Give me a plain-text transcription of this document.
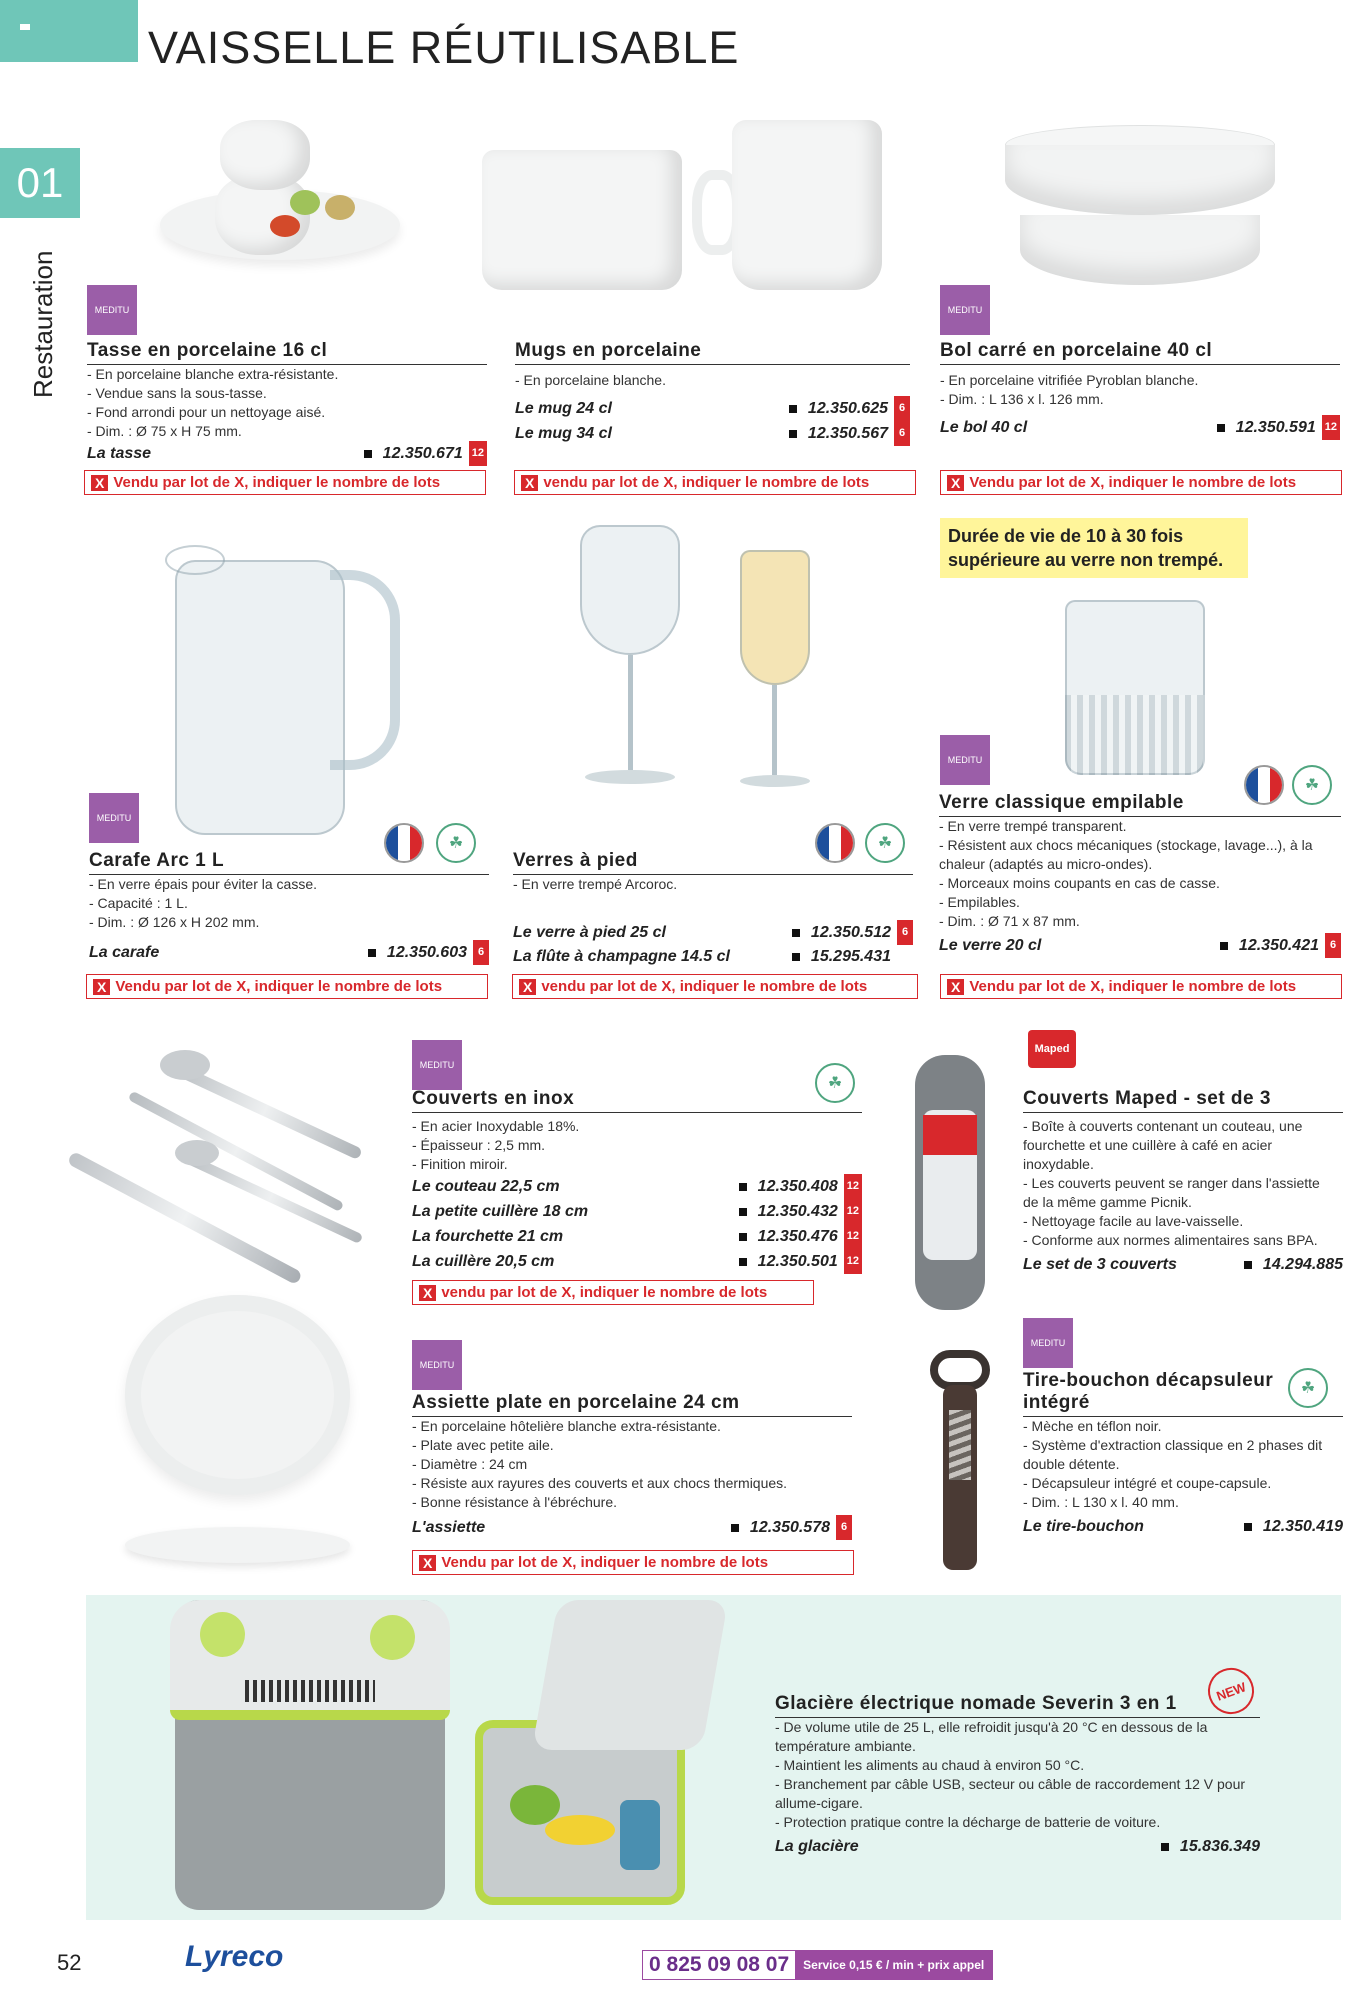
VAISSELLE RÉUTILISABLE
01
Restauration	MEDITU
Tasse en porcelaine 16 cl
- En porcelaine blanche extra-résistante.
- Vendue sans la sous-tasse.
- Fond arrondi pour un nettoyage aisé.
- Dim. : Ø 75 x H 75 mm.
La tasse	12.350.671 12
X Vendu par lot de X, indiquer le nombre de lots
Mugs en porcelaine
- En porcelaine blanche.
Le mug 24 cl	12.350.625 6
Le mug 34 cl	12.350.567 6
X vendu par lot de X, indiquer le nombre de lots
MEDITU
Bol carré en porcelaine 40 cl
- En porcelaine vitrifiée Pyroblan blanche.
- Dim. : L 136 x l. 126 mm.
Le bol 40 cl	12.350.591 12
X Vendu par lot de X, indiquer le nombre de lots
MEDITU
☘
Carafe Arc 1 L
- En verre épais pour éviter la casse.
- Capacité : 1 L.
- Dim. : Ø 126 x H 202 mm.
La carafe	12.350.603 6
X Vendu par lot de X, indiquer le nombre de lots
☘
Verres à pied
- En verre trempé Arcoroc.
Le verre à pied 25 cl	12.350.512 6
La flûte à champagne 14.5 cl	15.295.431
X vendu par lot de X, indiquer le nombre de lots
Durée de vie de 10 à 30 fois
supérieure au verre non trempé.
MEDITU
☘
Verre classique empilable
- En verre trempé transparent.
- Résistent aux chocs mécaniques (stockage, lavage...), à la
chaleur (adaptés au micro-ondes).
- Morceaux moins coupants en cas de casse.
- Empilables.
- Dim. : Ø 71 x 87 mm.
Le verre 20 cl	12.350.421 6
X Vendu par lot de X, indiquer le nombre de lots
MEDITU
☘
Couverts en inox
- En acier Inoxydable 18%.
- Épaisseur : 2,5 mm.
- Finition miroir.
Le couteau 22,5 cm	12.350.408 12
La petite cuillère 18 cm	12.350.432 12
La fourchette 21 cm	12.350.476 12
La cuillère 20,5 cm	12.350.501 12
X vendu par lot de X, indiquer le nombre de lots
Maped
Couverts Maped - set de 3
- Boîte à couverts contenant un couteau, une
fourchette et une cuillère à café en acier
inoxydable.
- Les couverts peuvent se ranger dans l'assiette
de la même gamme Picnik.
- Nettoyage facile au lave-vaisselle.
- Conforme aux normes alimentaires sans BPA.
Le set de 3 couverts	14.294.885
MEDITU
Assiette plate en porcelaine 24 cm
- En porcelaine hôtelière blanche extra-résistante.
- Plate avec petite aile.
- Diamètre : 24 cm
- Résiste aux rayures des couverts et aux chocs thermiques.
- Bonne résistance à l'ébréchure.
L'assiette	12.350.578 6
X Vendu par lot de X, indiquer le nombre de lots
MEDITU
☘
Tire-bouchon décapsuleur
intégré
- Mèche en téflon noir.
- Système d'extraction classique en 2 phases dit
double détente.
- Décapsuleur intégré et coupe-capsule.
- Dim. : L 130 x l. 40 mm.
Le tire-bouchon	12.350.419
NEW
Glacière électrique nomade Severin 3 en 1
- De volume utile de 25 L, elle refroidit jusqu'à 20 °C en dessous de la
température ambiante.
- Maintient les aliments au chaud à environ 50 °C.
- Branchement par câble USB, secteur ou câble de raccordement 12 V pour
allume-cigare.
- Protection pratique contre la décharge de batterie de voiture.
La glacière	15.836.349
52	Lyreco	0 825 09 08 07	Service 0,15 € / min + prix appel
